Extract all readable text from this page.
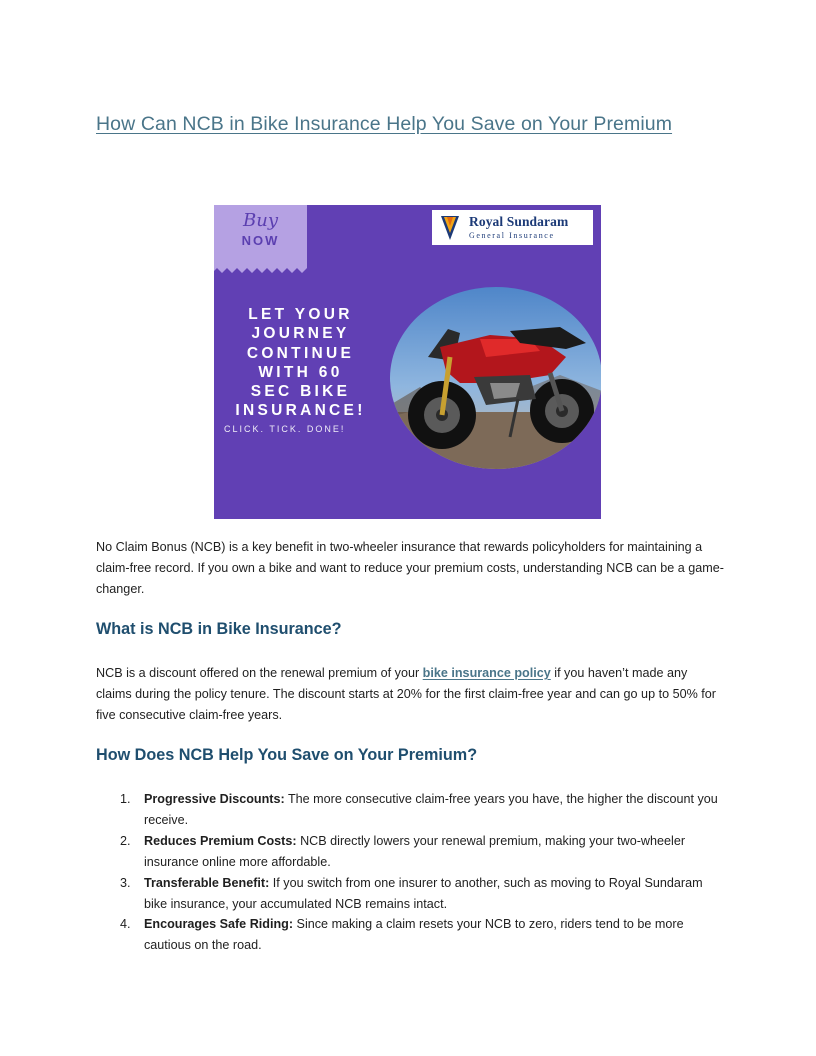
How Can NCB in Bike Insurance Help You Save on Your Premium
Buy
NOW
Royal Sundaram
General Insurance
LET YOUR
JOURNEY
CONTINUE
WITH 60
SEC BIKE
INSURANCE!
CLICK. TICK. DONE!

No Claim Bonus (NCB) is a key benefit in two-wheeler insurance that rewards policyholders for maintaining a claim-free record. If you own a bike and want to reduce your premium costs, understanding NCB can be a game-changer.

What is NCB in Bike Insurance?

NCB is a discount offered on the renewal premium of your bike insurance policy if you haven’t made any claims during the policy tenure. The discount starts at 20% for the first claim-free year and can go up to 50% for five consecutive claim-free years.

How Does NCB Help You Save on Your Premium?
1. Progressive Discounts: The more consecutive claim-free years you have, the higher the discount you receive.
2. Reduces Premium Costs: NCB directly lowers your renewal premium, making your two-wheeler insurance online more affordable.
3. Transferable Benefit: If you switch from one insurer to another, such as moving to Royal Sundaram bike insurance, your accumulated NCB remains intact.
4. Encourages Safe Riding: Since making a claim resets your NCB to zero, riders tend to be more cautious on the road.
